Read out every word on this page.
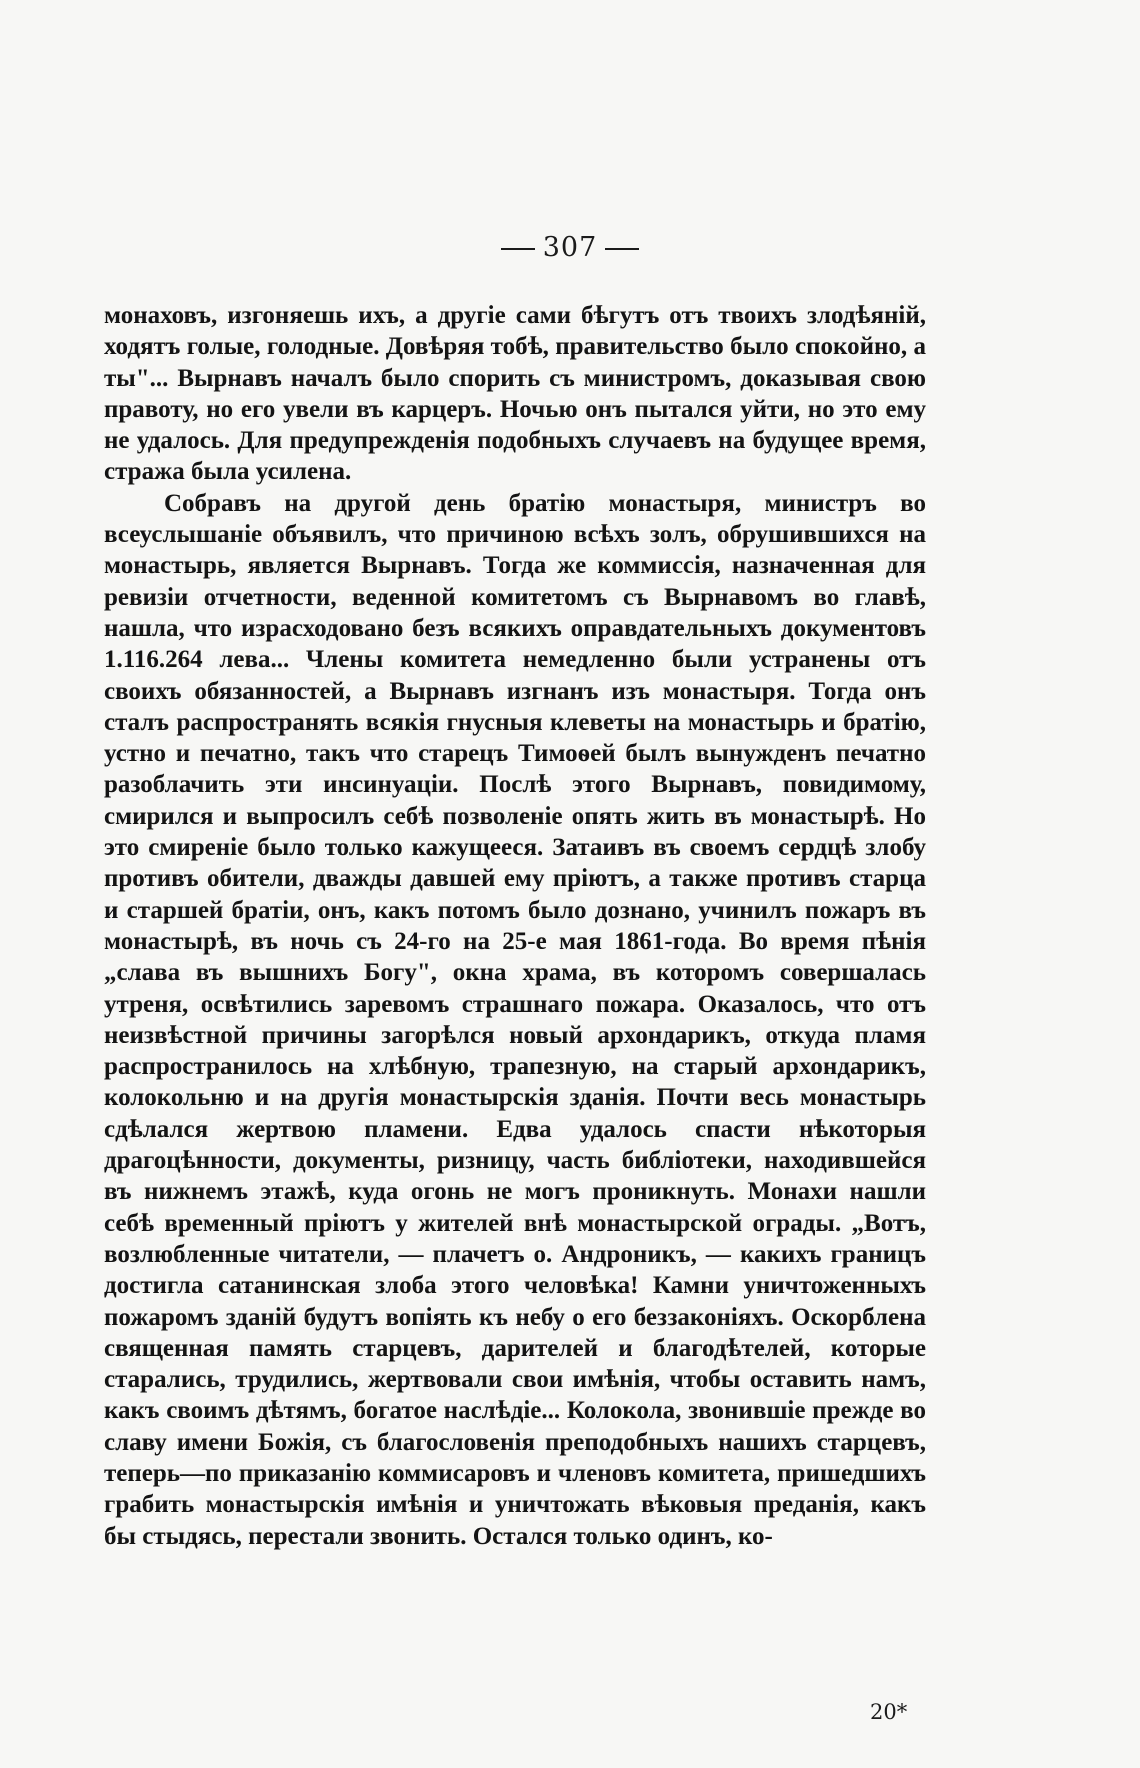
307

монаховъ, изгоняешь ихъ, а другіе сами бѣгутъ отъ твоихъ злодѣяній, ходятъ голые, голодные. Довѣряя тобѣ, правительство было спокойно, а ты"... Вырнавъ началъ было спорить съ министромъ, доказывая свою правоту, но его увели въ карцеръ. Ночью онъ пытался уйти, но это ему не удалось. Для предупрежденія подобныхъ случаевъ на будущее время, стража была усилена.

Собравъ на другой день братію монастыря, министръ во всеуслышаніе объявилъ, что причиною всѣхъ золъ, обрушившихся на монастырь, является Вырнавъ. Тогда же коммиссія, назначенная для ревизіи отчетности, веденной комитетомъ съ Вырнавомъ во главѣ, нашла, что израсходовано безъ всякихъ оправдательныхъ документовъ 1.116.264 лева... Члены комитета немедленно были устранены отъ своихъ обязанностей, а Вырнавъ изгнанъ изъ монастыря. Тогда онъ сталъ распространять всякія гнусныя клеветы на монастырь и братію, устно и печатно, такъ что старецъ Тимоѳей былъ вынужденъ печатно разоблачить эти инсинуаціи. Послѣ этого Вырнавъ, повидимому, смирился и выпросилъ себѣ позволеніе опять жить въ монастырѣ. Но это смиреніе было только кажущееся. Затаивъ въ своемъ сердцѣ злобу противъ обители, дважды давшей ему пріютъ, а также противъ старца и старшей братіи, онъ, какъ потомъ было дознано, учинилъ пожаръ въ монастырѣ, въ ночь съ 24-го на 25-е мая 1861-года. Во время пѣнія „слава въ вышнихъ Богу", окна храма, въ которомъ совершалась утреня, освѣтились заревомъ страшнаго пожара. Оказалось, что отъ неизвѣстной причины загорѣлся новый архондарикъ, откуда пламя распространилось на хлѣбную, трапезную, на старый архондарикъ, колокольню и на другія монастырскія зданія. Почти весь монастырь сдѣлался жертвою пламени. Едва удалось спасти нѣкоторыя драгоцѣнности, документы, ризницу, часть библіотеки, находившейся въ нижнемъ этажѣ, куда огонь не могъ проникнуть. Монахи нашли себѣ временный пріютъ у жителей внѣ монастырской ограды. „Вотъ, возлюбленные читатели, — плачетъ о. Андроникъ, — какихъ границъ достигла сатанинская злоба этого человѣка! Камни уничтоженныхъ пожаромъ зданій будутъ вопіять къ небу о его беззаконіяхъ. Оскорблена священная память старцевъ, дарителей и благодѣтелей, которые старались, трудились, жертвовали свои имѣнія, чтобы оставить намъ, какъ своимъ дѣтямъ, богатое наслѣдіе... Колокола, звонившіе прежде во славу имени Божія, съ благословенія преподобныхъ нашихъ старцевъ, теперь—по приказанію коммисаровъ и членовъ комитета, пришедшихъ грабить монастырскія имѣнія и уничтожать вѣковыя преданія, какъ бы стыдясь, перестали звонить. Остался только одинъ, ко-

20*
